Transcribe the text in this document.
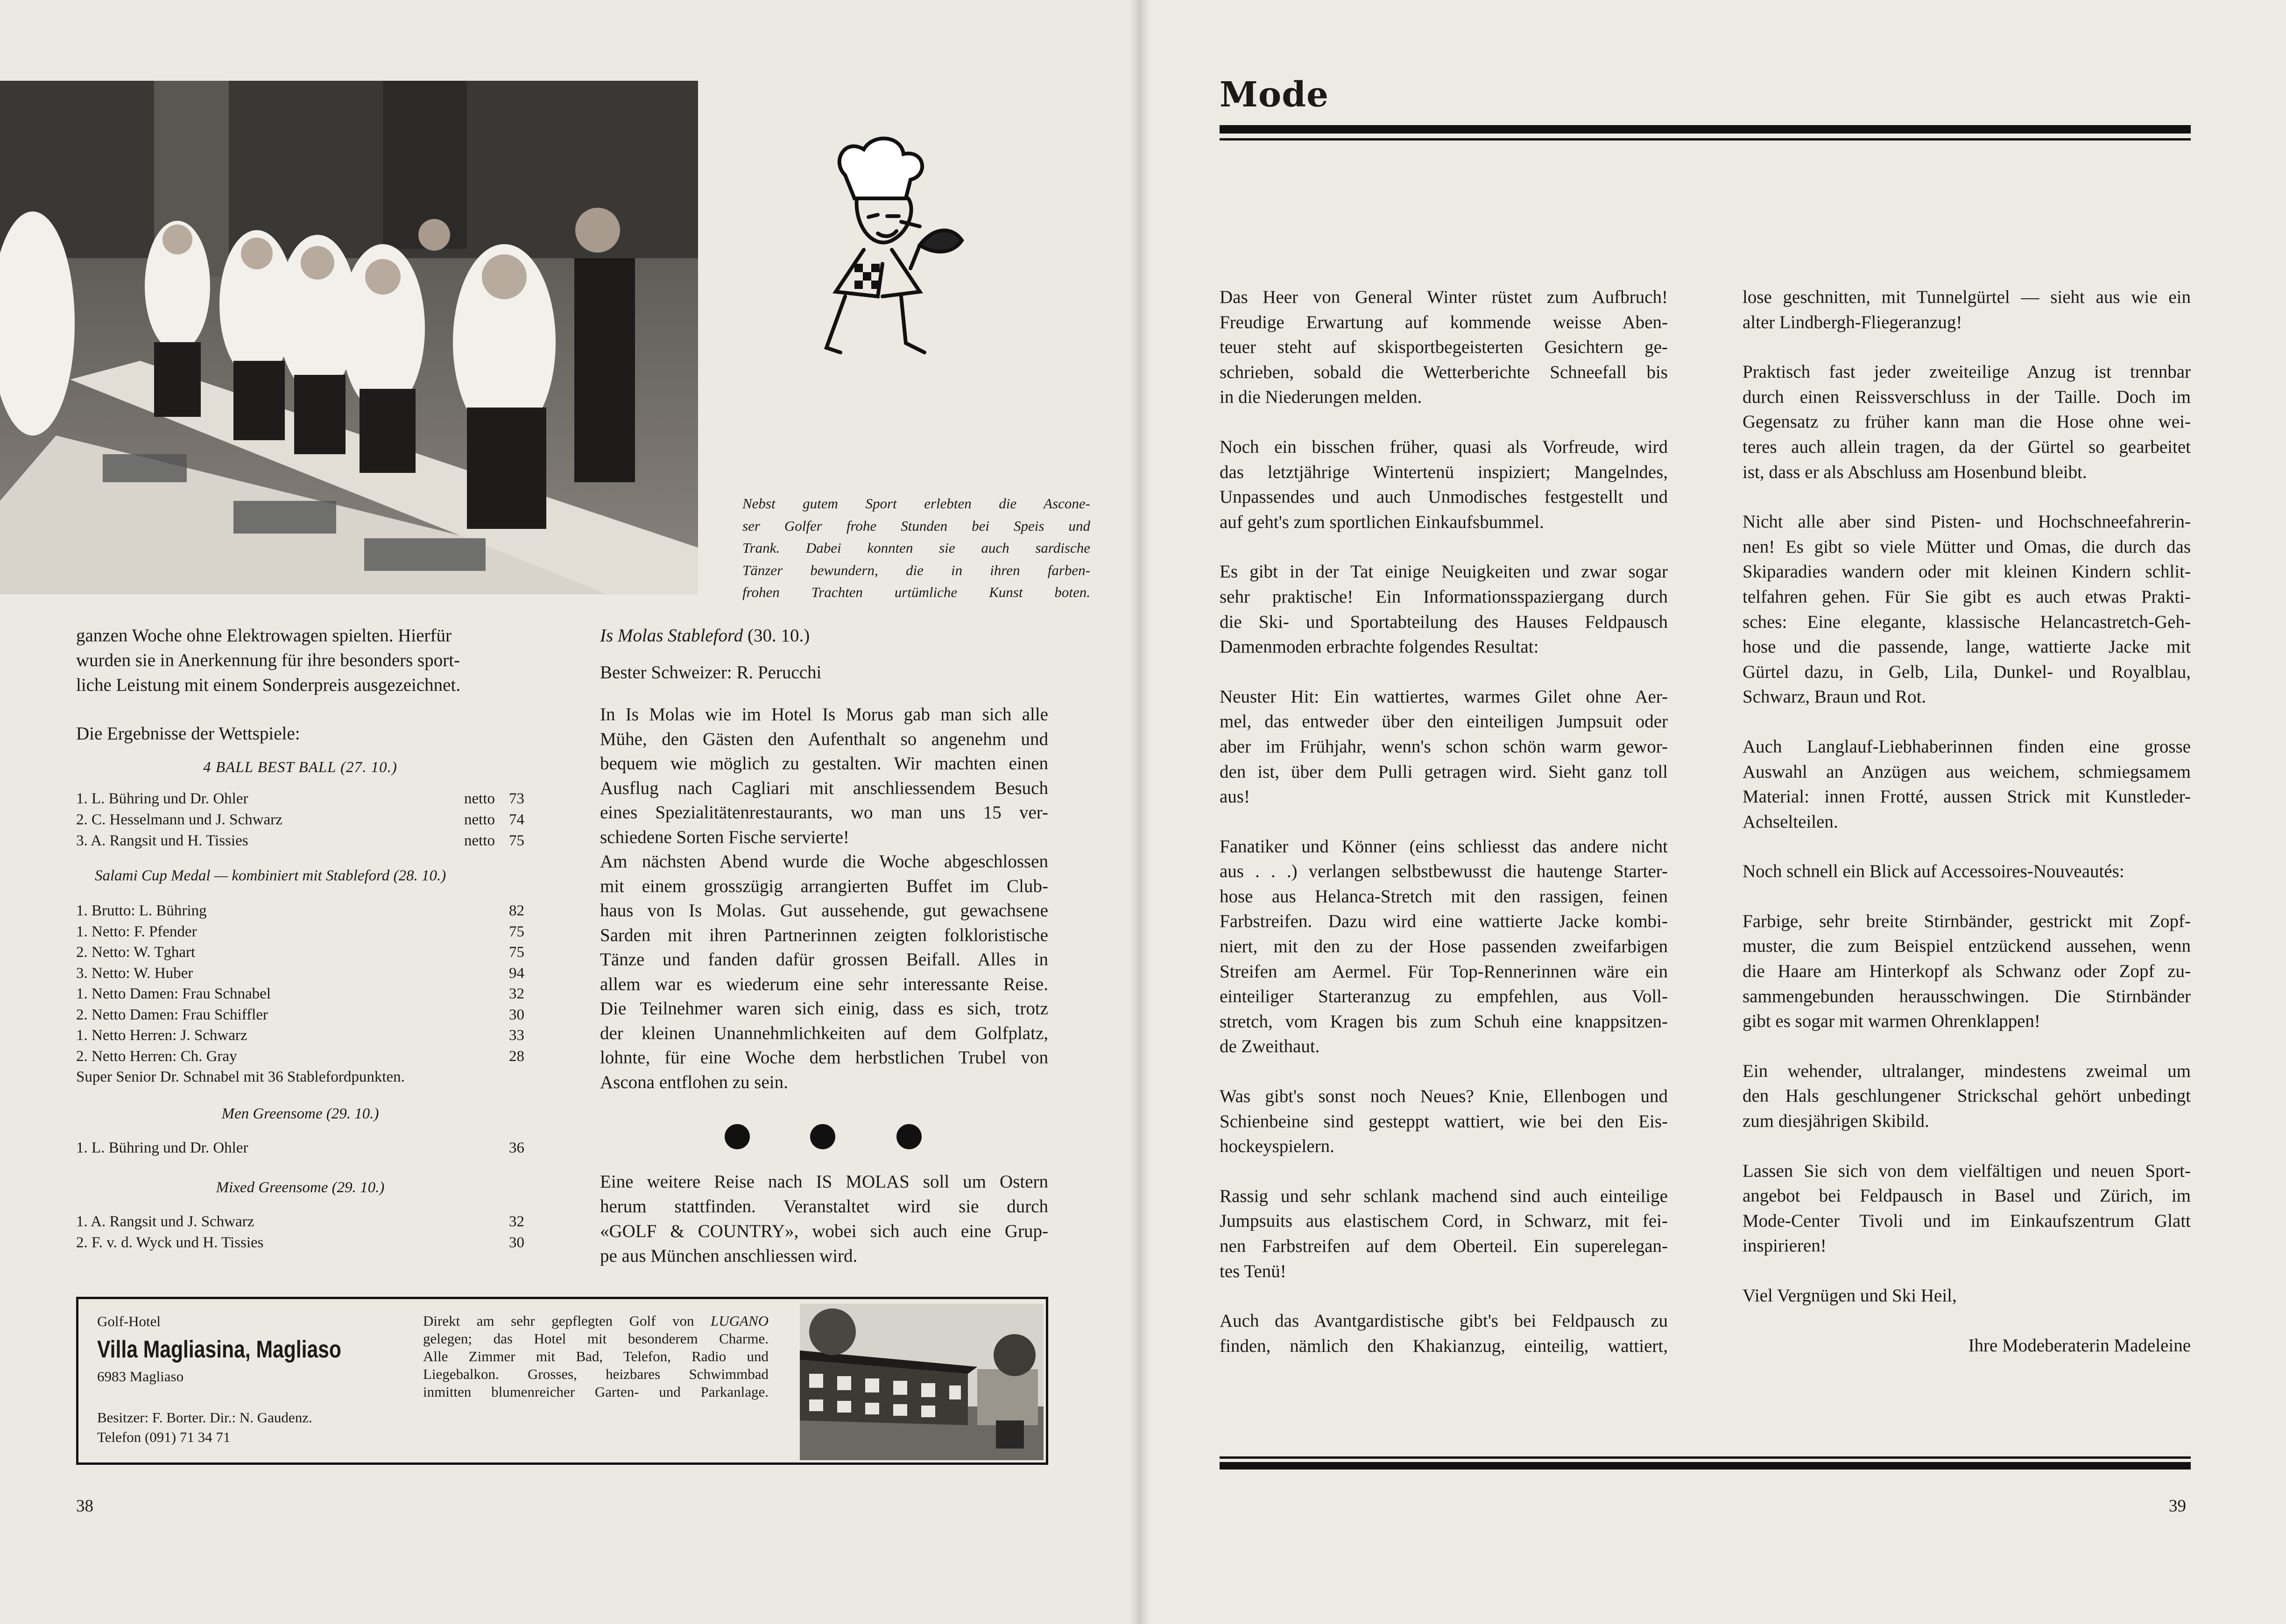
Nebst gutem Sport erlebten die Ascone-
ser Golfer frohe Stunden bei Speis und
Trank. Dabei konnten sie auch sardische
Tänzer bewundern, die in ihren farben-
frohen Trachten urtümliche Kunst boten.
ganzen Woche ohne Elektrowagen spielten. Hierfür
wurden sie in Anerkennung für ihre besonders sport-
liche Leistung mit einem Sonderpreis ausgezeichnet.
Die Ergebnisse der Wettspiele:
4 BALL BEST BALL (27. 10.)
1. L. Bühring und Dr. Ohler	netto 73
2. C. Hesselmann und J. Schwarz	netto 74
3. A. Rangsit und H. Tissies	netto 75
Salami Cup Medal — kombiniert mit Stableford (28. 10.)
1. Brutto: L. Bühring	82
1. Netto: F. Pfender	75
2. Netto: W. Tghart	75
3. Netto: W. Huber	94
1. Netto Damen: Frau Schnabel	32
2. Netto Damen: Frau Schiffler	30
1. Netto Herren: J. Schwarz	33
2. Netto Herren: Ch. Gray	28
Super Senior Dr. Schnabel mit 36 Stablefordpunkten.
Men Greensome (29. 10.)
1. L. Bühring und Dr. Ohler	36
Mixed Greensome (29. 10.)
1. A. Rangsit und J. Schwarz	32
2. F. v. d. Wyck und H. Tissies	30
Is Molas Stableford (30. 10.)
Bester Schweizer: R. Perucchi
In Is Molas wie im Hotel Is Morus gab man sich alle
Mühe, den Gästen den Aufenthalt so angenehm und
bequem wie möglich zu gestalten. Wir machten einen
Ausflug nach Cagliari mit anschliessendem Besuch
eines Spezialitätenrestaurants, wo man uns 15 ver-
schiedene Sorten Fische servierte!
Am nächsten Abend wurde die Woche abgeschlossen
mit einem grosszügig arrangierten Buffet im Club-
haus von Is Molas. Gut aussehende, gut gewachsene
Sarden mit ihren Partnerinnen zeigten folkloristische
Tänze und fanden dafür grossen Beifall. Alles in
allem war es wiederum eine sehr interessante Reise.
Die Teilnehmer waren sich einig, dass es sich, trotz
der kleinen Unannehmlichkeiten auf dem Golfplatz,
lohnte, für eine Woche dem herbstlichen Trubel von
Ascona entflohen zu sein.
Eine weitere Reise nach IS MOLAS soll um Ostern
herum stattfinden. Veranstaltet wird sie durch
«GOLF & COUNTRY», wobei sich auch eine Grup-
pe aus München anschliessen wird.
Golf-Hotel
Villa Magliasina, Magliaso
6983 Magliaso
Besitzer: F. Borter. Dir.: N. Gaudenz.
Telefon (091) 71 34 71
Direkt am sehr gepflegten Golf von LUGANO
gelegen; das Hotel mit besonderem Charme.
Alle Zimmer mit Bad, Telefon, Radio und
Liegebalkon. Grosses, heizbares Schwimmbad
inmitten blumenreicher Garten- und Parkanlage.
38
Mode
Das Heer von General Winter rüstet zum Aufbruch!
Freudige Erwartung auf kommende weisse Aben-
teuer steht auf skisportbegeisterten Gesichtern ge-
schrieben, sobald die Wetterberichte Schneefall bis
in die Niederungen melden.
Noch ein bisschen früher, quasi als Vorfreude, wird
das letztjährige Wintertenü inspiziert; Mangelndes,
Unpassendes und auch Unmodisches festgestellt und
auf geht's zum sportlichen Einkaufsbummel.
Es gibt in der Tat einige Neuigkeiten und zwar sogar
sehr praktische! Ein Informationsspaziergang durch
die Ski- und Sportabteilung des Hauses Feldpausch
Damenmoden erbrachte folgendes Resultat:
Neuster Hit: Ein wattiertes, warmes Gilet ohne Aer-
mel, das entweder über den einteiligen Jumpsuit oder
aber im Frühjahr, wenn's schon schön warm gewor-
den ist, über dem Pulli getragen wird. Sieht ganz toll
aus!
Fanatiker und Könner (eins schliesst das andere nicht
aus . . .) verlangen selbstbewusst die hautenge Starter-
hose aus Helanca-Stretch mit den rassigen, feinen
Farbstreifen. Dazu wird eine wattierte Jacke kombi-
niert, mit den zu der Hose passenden zweifarbigen
Streifen am Aermel. Für Top-Rennerinnen wäre ein
einteiliger Starteranzug zu empfehlen, aus Voll-
stretch, vom Kragen bis zum Schuh eine knappsitzen-
de Zweithaut.
Was gibt's sonst noch Neues? Knie, Ellenbogen und
Schienbeine sind gesteppt wattiert, wie bei den Eis-
hockeyspielern.
Rassig und sehr schlank machend sind auch einteilige
Jumpsuits aus elastischem Cord, in Schwarz, mit fei-
nen Farbstreifen auf dem Oberteil. Ein superelegan-
tes Tenü!
Auch das Avantgardistische gibt's bei Feldpausch zu
finden, nämlich den Khakianzug, einteilig, wattiert,
lose geschnitten, mit Tunnelgürtel — sieht aus wie ein
alter Lindbergh-Fliegeranzug!
Praktisch fast jeder zweiteilige Anzug ist trennbar
durch einen Reissverschluss in der Taille. Doch im
Gegensatz zu früher kann man die Hose ohne wei-
teres auch allein tragen, da der Gürtel so gearbeitet
ist, dass er als Abschluss am Hosenbund bleibt.
Nicht alle aber sind Pisten- und Hochschneefahrerin-
nen! Es gibt so viele Mütter und Omas, die durch das
Skiparadies wandern oder mit kleinen Kindern schlit-
telfahren gehen. Für Sie gibt es auch etwas Prakti-
sches: Eine elegante, klassische Helancastretch-Geh-
hose und die passende, lange, wattierte Jacke mit
Gürtel dazu, in Gelb, Lila, Dunkel- und Royalblau,
Schwarz, Braun und Rot.
Auch Langlauf-Liebhaberinnen finden eine grosse
Auswahl an Anzügen aus weichem, schmiegsamem
Material: innen Frotté, aussen Strick mit Kunstleder-
Achselteilen.
Noch schnell ein Blick auf Accessoires-Nouveautés:
Farbige, sehr breite Stirnbänder, gestrickt mit Zopf-
muster, die zum Beispiel entzückend aussehen, wenn
die Haare am Hinterkopf als Schwanz oder Zopf zu-
sammengebunden herausschwingen. Die Stirnbänder
gibt es sogar mit warmen Ohrenklappen!
Ein wehender, ultralanger, mindestens zweimal um
den Hals geschlungener Strickschal gehört unbedingt
zum diesjährigen Skibild.
Lassen Sie sich von dem vielfältigen und neuen Sport-
angebot bei Feldpausch in Basel und Zürich, im
Mode-Center Tivoli und im Einkaufszentrum Glatt
inspirieren!
Viel Vergnügen und Ski Heil,
Ihre Modeberaterin Madeleine
39
